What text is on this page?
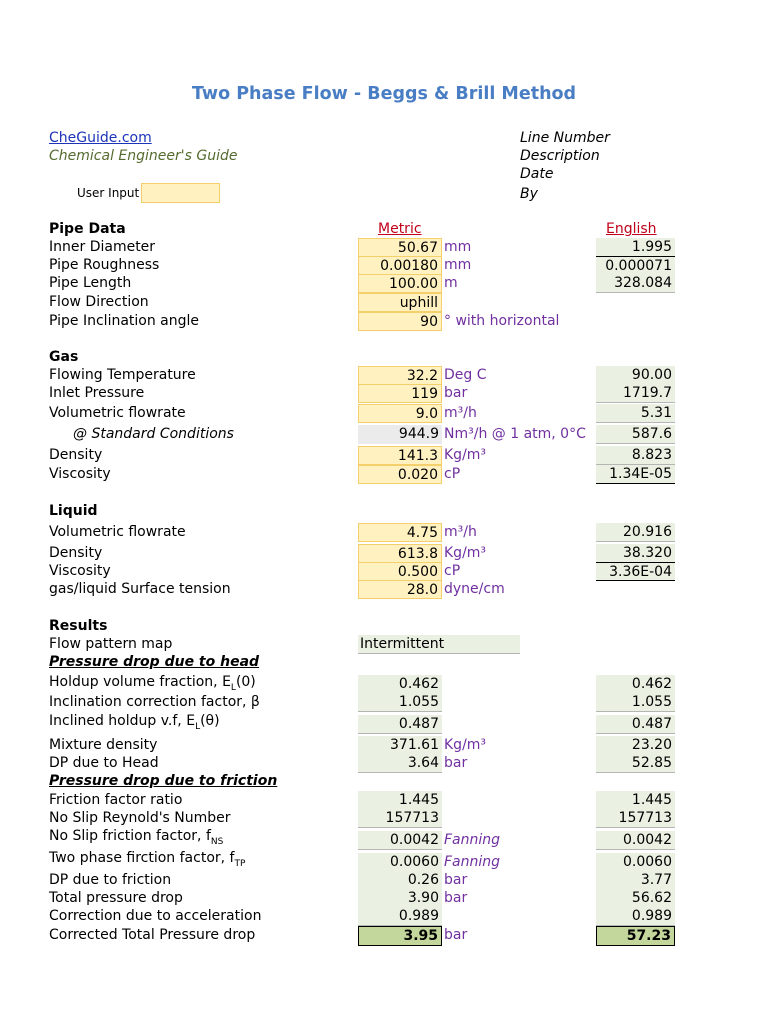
Two Phase Flow - Beggs & Brill Method
CheGuide.com
Chemical Engineer's Guide
User Input
Line Number
Description
Date
By
Pipe Data	Metric	English
Inner Diameter	50.67 mm	1.995
Pipe Roughness	0.00180 mm	0.000071
Pipe Length	100.00 m	328.084
Flow Direction	uphill
Pipe Inclination angle	90 ° with horizontal
Gas
Flowing Temperature	32.2 Deg C	90.00
Inlet Pressure	119 bar	1719.7
Volumetric flowrate	9.0 m³/h	5.31
@ Standard Conditions	944.9 Nm³/h @ 1 atm, 0°C	587.6
Density	141.3 Kg/m³	8.823
Viscosity	0.020 cP	1.34E-05
Liquid
Volumetric flowrate	4.75 m³/h	20.916
Density	613.8 Kg/m³	38.320
Viscosity	0.500 cP	3.36E-04
gas/liquid Surface tension	28.0 dyne/cm
Results
Flow pattern map	Intermittent
Pressure drop due to head
Holdup volume fraction, $E_L(0)$	0.462	0.462
Inclination correction factor, β	1.055	1.055
Inclined holdup v.f, $E_L(\theta)$	0.487	0.487
Mixture density	371.61 Kg/m³	23.20
DP due to Head	3.64 bar	52.85
Pressure drop due to friction
Friction factor ratio	1.445	1.445
No Slip Reynold's Number	157713	157713
No Slip friction factor, $f_{NS}$	0.0042 Fanning	0.0042
Two phase firction factor, $f_{TP}$	0.0060 Fanning	0.0060
DP due to friction	0.26 bar	3.77
Total pressure drop	3.90 bar	56.62
Correction due to acceleration	0.989	0.989
Corrected Total Pressure drop	3.95 bar	57.23
